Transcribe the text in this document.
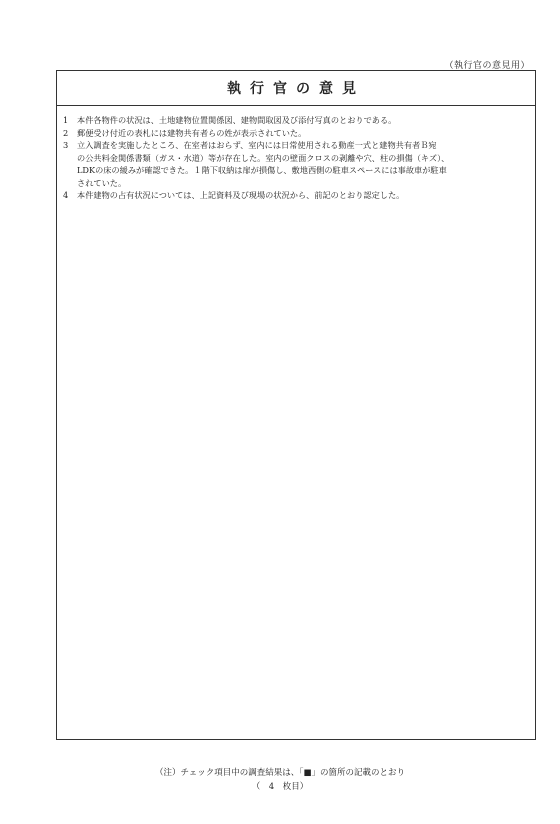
（執行官の意見用）
執行官の意見
1	本件各物件の状況は、土地建物位置関係図、建物間取図及び添付写真のとおりである。
2	郵便受け付近の表札には建物共有者らの姓が表示されていた。
3	立入調査を実施したところ、在室者はおらず、室内には日常使用される動産一式と建物共有者Ｂ宛
の公共料金関係書類（ガス・水道）等が存在した。室内の壁面クロスの剥離や穴、柱の損傷（キズ）、
LDKの床の緩みが確認できた。１階下収納は扉が損傷し、敷地西側の駐車スペースには事故車が駐車
されていた。
4	本件建物の占有状況については、上記資料及び現場の状況から、前記のとおり認定した。
（注）チェック項目中の調査結果は、「■」の箇所の記載のとおり
（　4　枚目）
